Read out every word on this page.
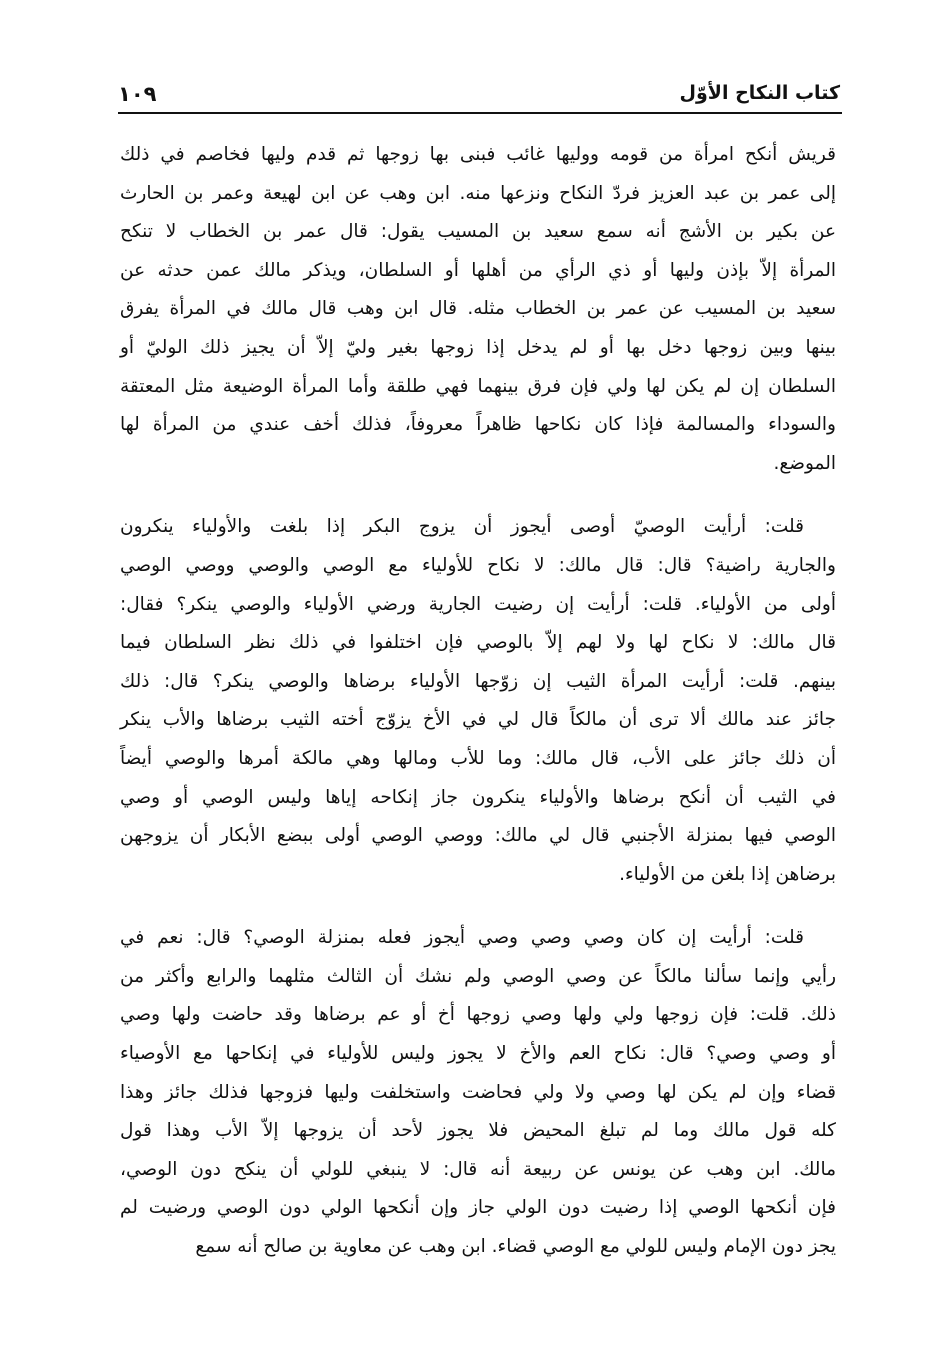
كتاب النكاح الأوّل
١٠٩
قريش أنكح امرأة من قومه ووليها غائب فبنى بها زوجها ثم قدم وليها فخاصم في ذلك
إلى عمر بن عبد العزيز فردّ النكاح ونزعها منه. ابن وهب عن ابن لهيعة وعمر بن الحارث
عن بكير بن الأشج أنه سمع سعيد بن المسيب يقول: قال عمر بن الخطاب لا تنكح
المرأة إلاّ بإذن وليها أو ذي الرأي من أهلها أو السلطان، ويذكر مالك عمن حدثه عن
سعيد بن المسيب عن عمر بن الخطاب مثله. قال ابن وهب قال مالك في المرأة يفرق
بينها وبين زوجها دخل بها أو لم يدخل إذا زوجها بغير وليّ إلاّ أن يجيز ذلك الوليّ أو
السلطان إن لم يكن لها ولي فإن فرق بينهما فهي طلقة وأما المرأة الوضيعة مثل المعتقة
والسوداء والمسالمة فإذا كان نكاحها ظاهراً معروفاً، فذلك أخف عندي من المرأة لها
الموضع.
قلت: أرأيت الوصيّ أوصى أيجوز أن يزوج البكر إذا بلغت والأولياء ينكرون
والجارية راضية؟ قال: قال مالك: لا نكاح للأولياء مع الوصي والوصي ووصي الوصي
أولى من الأولياء. قلت: أرأيت إن رضيت الجارية ورضي الأولياء والوصي ينكر؟ فقال:
قال مالك: لا نكاح لها ولا لهم إلاّ بالوصي فإن اختلفوا في ذلك نظر السلطان فيما
بينهم. قلت: أرأيت المرأة الثيب إن زوّجها الأولياء برضاها والوصي ينكر؟ قال: ذلك
جائز عند مالك ألا ترى أن مالكاً قال لي في الأخ يزوّج أخته الثيب برضاها والأب ينكر
أن ذلك جائز على الأب، قال مالك: وما للأب ومالها وهي مالكة أمرها والوصي أيضاً
في الثيب أن أنكح برضاها والأولياء ينكرون جاز إنكاحه إياها وليس الوصي أو وصي
الوصي فيها بمنزلة الأجنبي قال لي مالك: ووصي الوصي أولى ببضع الأبكار أن يزوجهن
برضاهن إذا بلغن من الأولياء.
قلت: أرأيت إن كان وصي وصي وصي أيجوز فعله بمنزلة الوصي؟ قال: نعم في
رأيي وإنما سألنا مالكاً عن وصي الوصي ولم نشك أن الثالث مثلهما والرابع وأكثر من
ذلك. قلت: فإن زوجها ولي ولها وصي زوجها أخ أو عم برضاها وقد حاضت ولها وصي
أو وصي وصي؟ قال: نكاح العم والأخ لا يجوز وليس للأولياء في إنكاحها مع الأوصياء
قضاء وإن لم يكن لها وصي ولا ولي فحاضت واستخلفت وليها فزوجها فذلك جائز وهذا
كله قول مالك وما لم تبلغ المحيض فلا يجوز لأحد أن يزوجها إلاّ الأب وهذا قول
مالك. ابن وهب عن يونس عن ربيعة أنه قال: لا ينبغي للولي أن ينكح دون الوصي،
فإن أنكحها الوصي إذا رضيت دون الولي جاز وإن أنكحها الولي دون الوصي ورضيت لم
يجز دون الإمام وليس للولي مع الوصي قضاء. ابن وهب عن معاوية بن صالح أنه سمع
